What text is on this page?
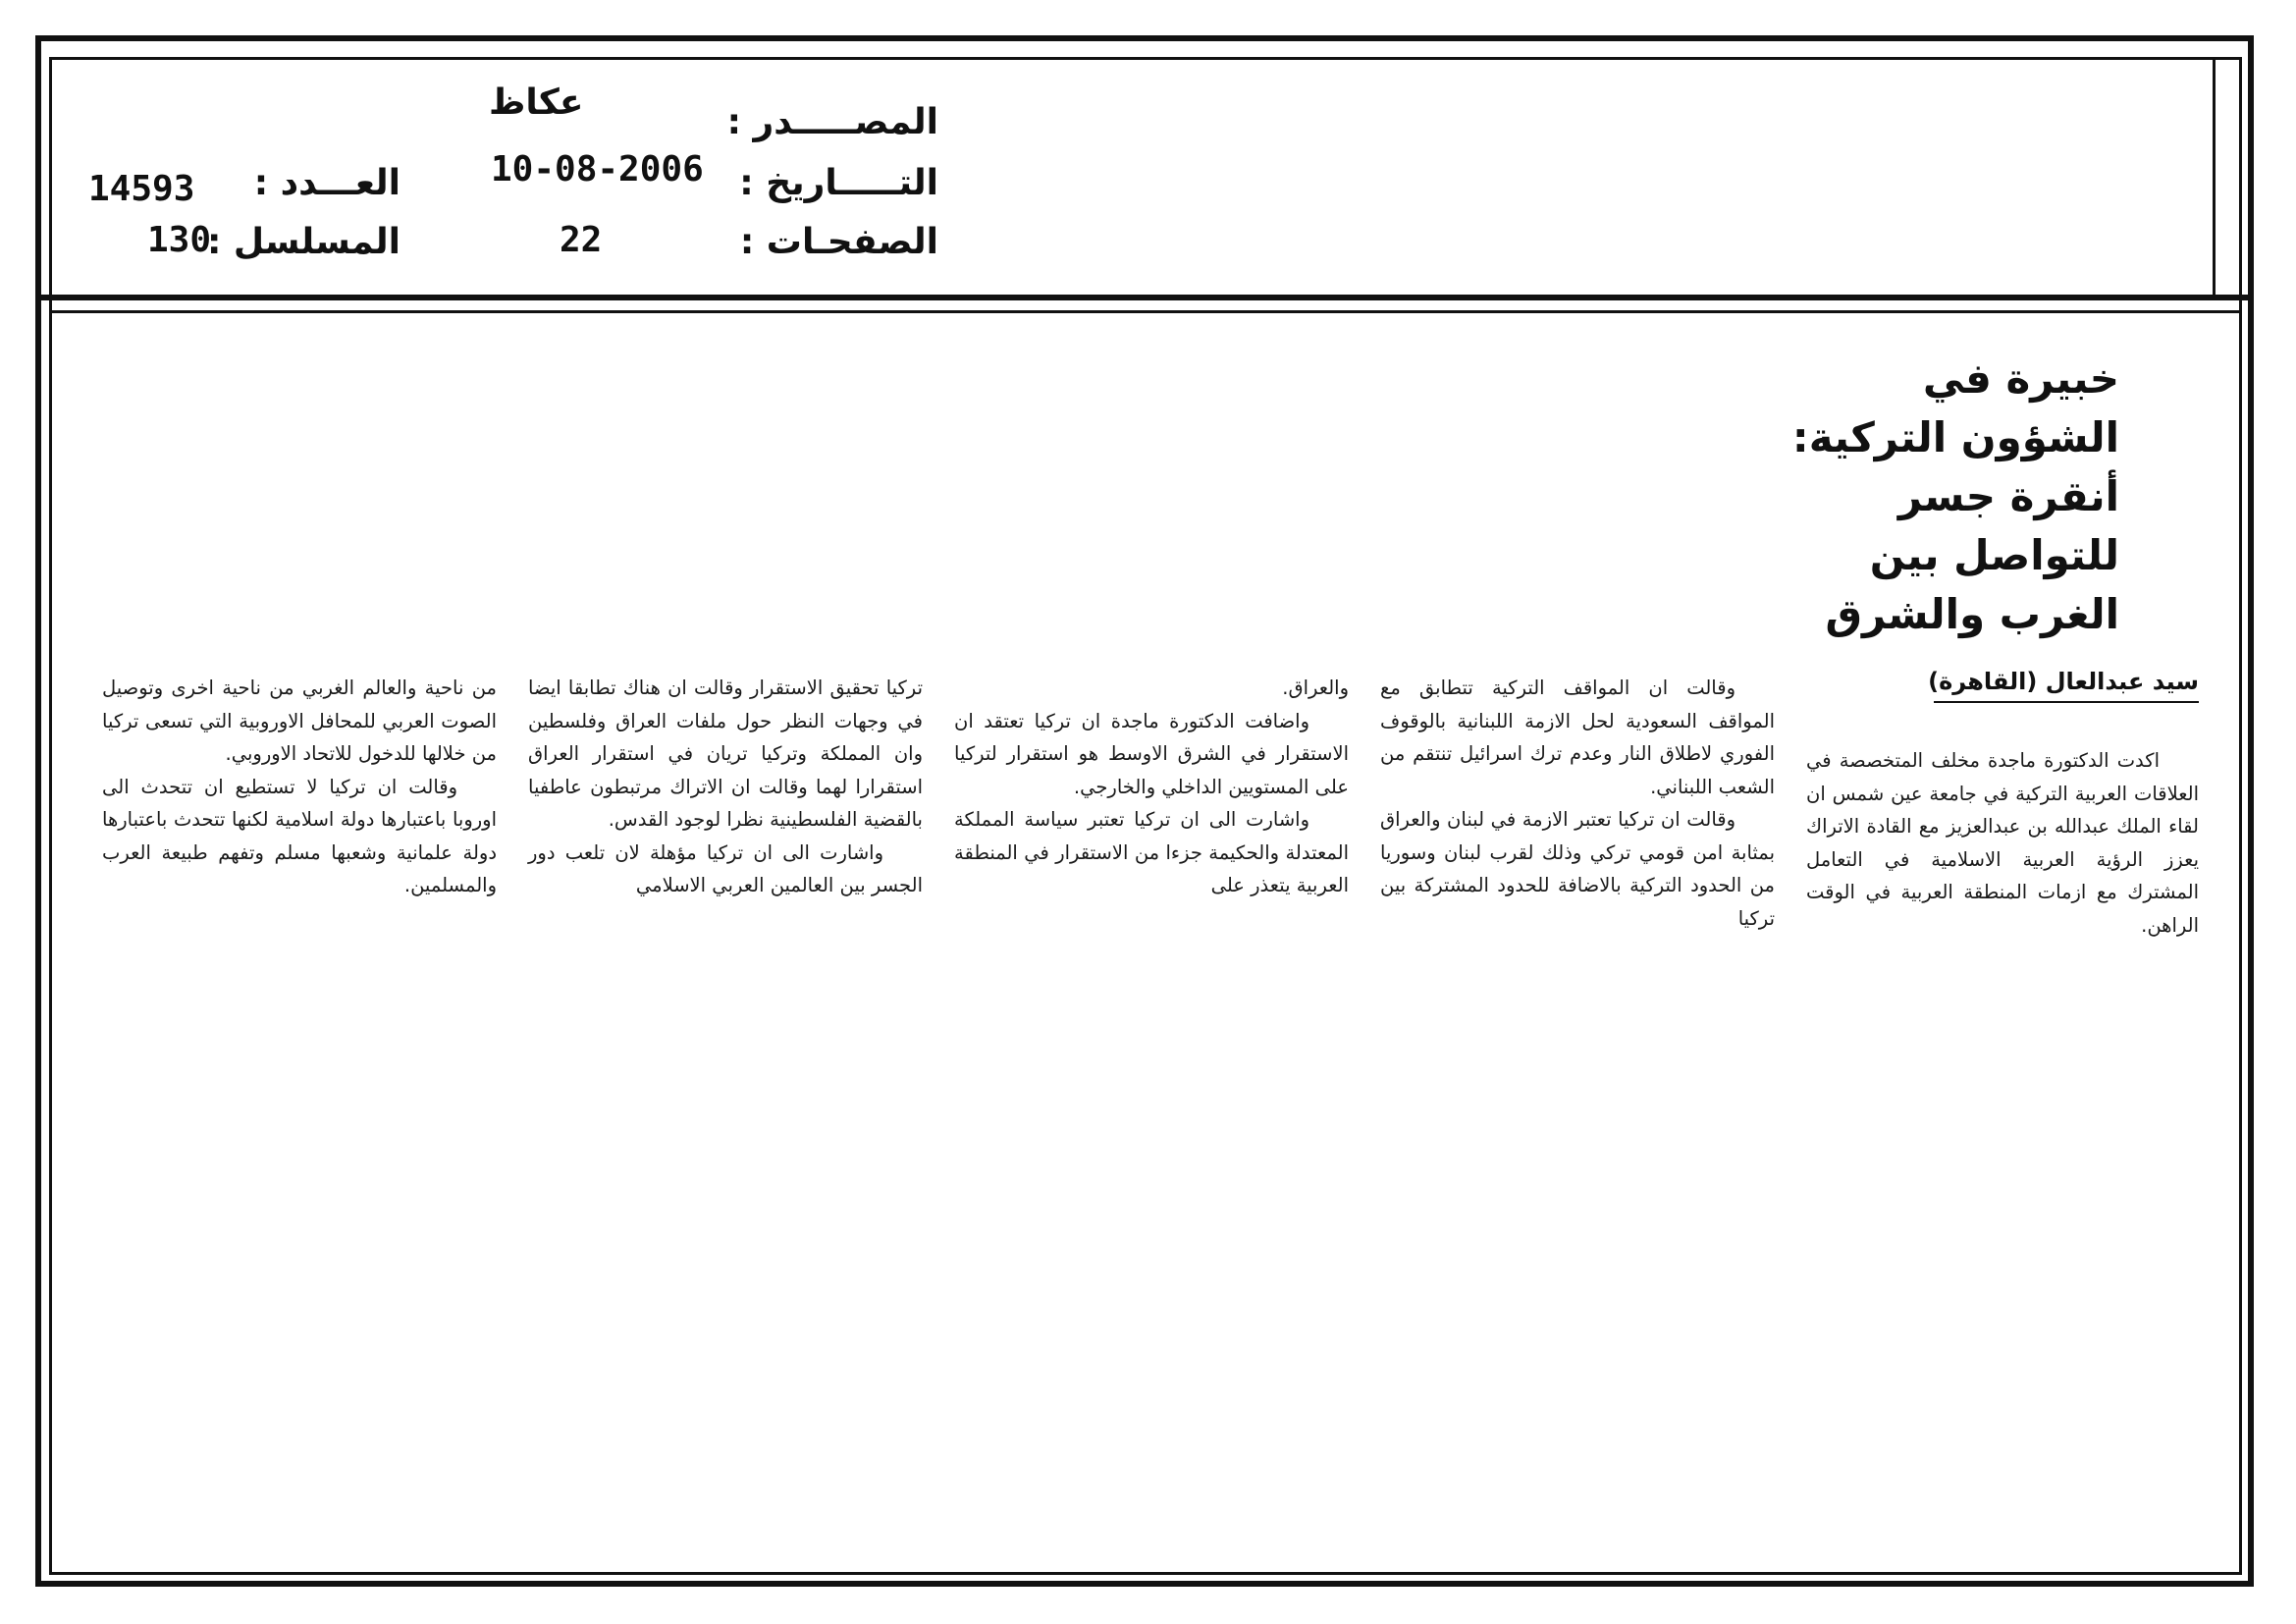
عكاظ	المصـــــدر :
10-08-2006 التـــــاريخ :
22	الصفحـات :
14593 العـــدد :
130
المسلسل :
خبيرة في
الشؤون التركية:
أنقرة جسر
للتواصل بين
الغرب والشرق
سيد عبدالعال (القاهرة)

اكدت الدكتورة ماجدة مخلف المتخصصة في العلاقات العربية التركية في جامعة عين شمس ان لقاء الملك عبدالله بن عبدالعزيز مع القادة الاتراك يعزز الرؤية العربية الاسلامية في التعامل المشترك مع ازمات المنطقة العربية في الوقت الراهن.

وقالت ان المواقف التركية تتطابق مع المواقف السعودية لحل الازمة اللبنانية بالوقوف الفوري لاطلاق النار وعدم ترك اسرائيل تنتقم من الشعب اللبناني.

وقالت ان تركيا تعتبر الازمة في لبنان والعراق بمثابة امن قومي تركي وذلك لقرب لبنان وسوريا من الحدود التركية بالاضافة للحدود المشتركة بين تركيا

والعراق.

واضافت الدكتورة ماجدة ان تركيا تعتقد ان الاستقرار في الشرق الاوسط هو استقرار لتركيا على المستويين الداخلي والخارجي.

واشارت الى ان تركيا تعتبر سياسة المملكة المعتدلة والحكيمة جزءا من الاستقرار في المنطقة العربية يتعذر على

تركيا تحقيق الاستقرار وقالت ان هناك تطابقا ايضا في وجهات النظر حول ملفات العراق وفلسطين وان المملكة وتركيا تريان في استقرار العراق استقرارا لهما وقالت ان الاتراك مرتبطون عاطفيا بالقضية الفلسطينية نظرا لوجود القدس.

واشارت الى ان تركيا مؤهلة لان تلعب دور الجسر بين العالمين العربي الاسلامي

من ناحية والعالم الغربي من ناحية اخرى وتوصيل الصوت العربي للمحافل الاوروبية التي تسعى تركيا من خلالها للدخول للاتحاد الاوروبي.

وقالت ان تركيا لا تستطيع ان تتحدث الى اوروبا باعتبارها دولة اسلامية لكنها تتحدث باعتبارها دولة علمانية وشعبها مسلم وتفهم طبيعة العرب والمسلمين.
